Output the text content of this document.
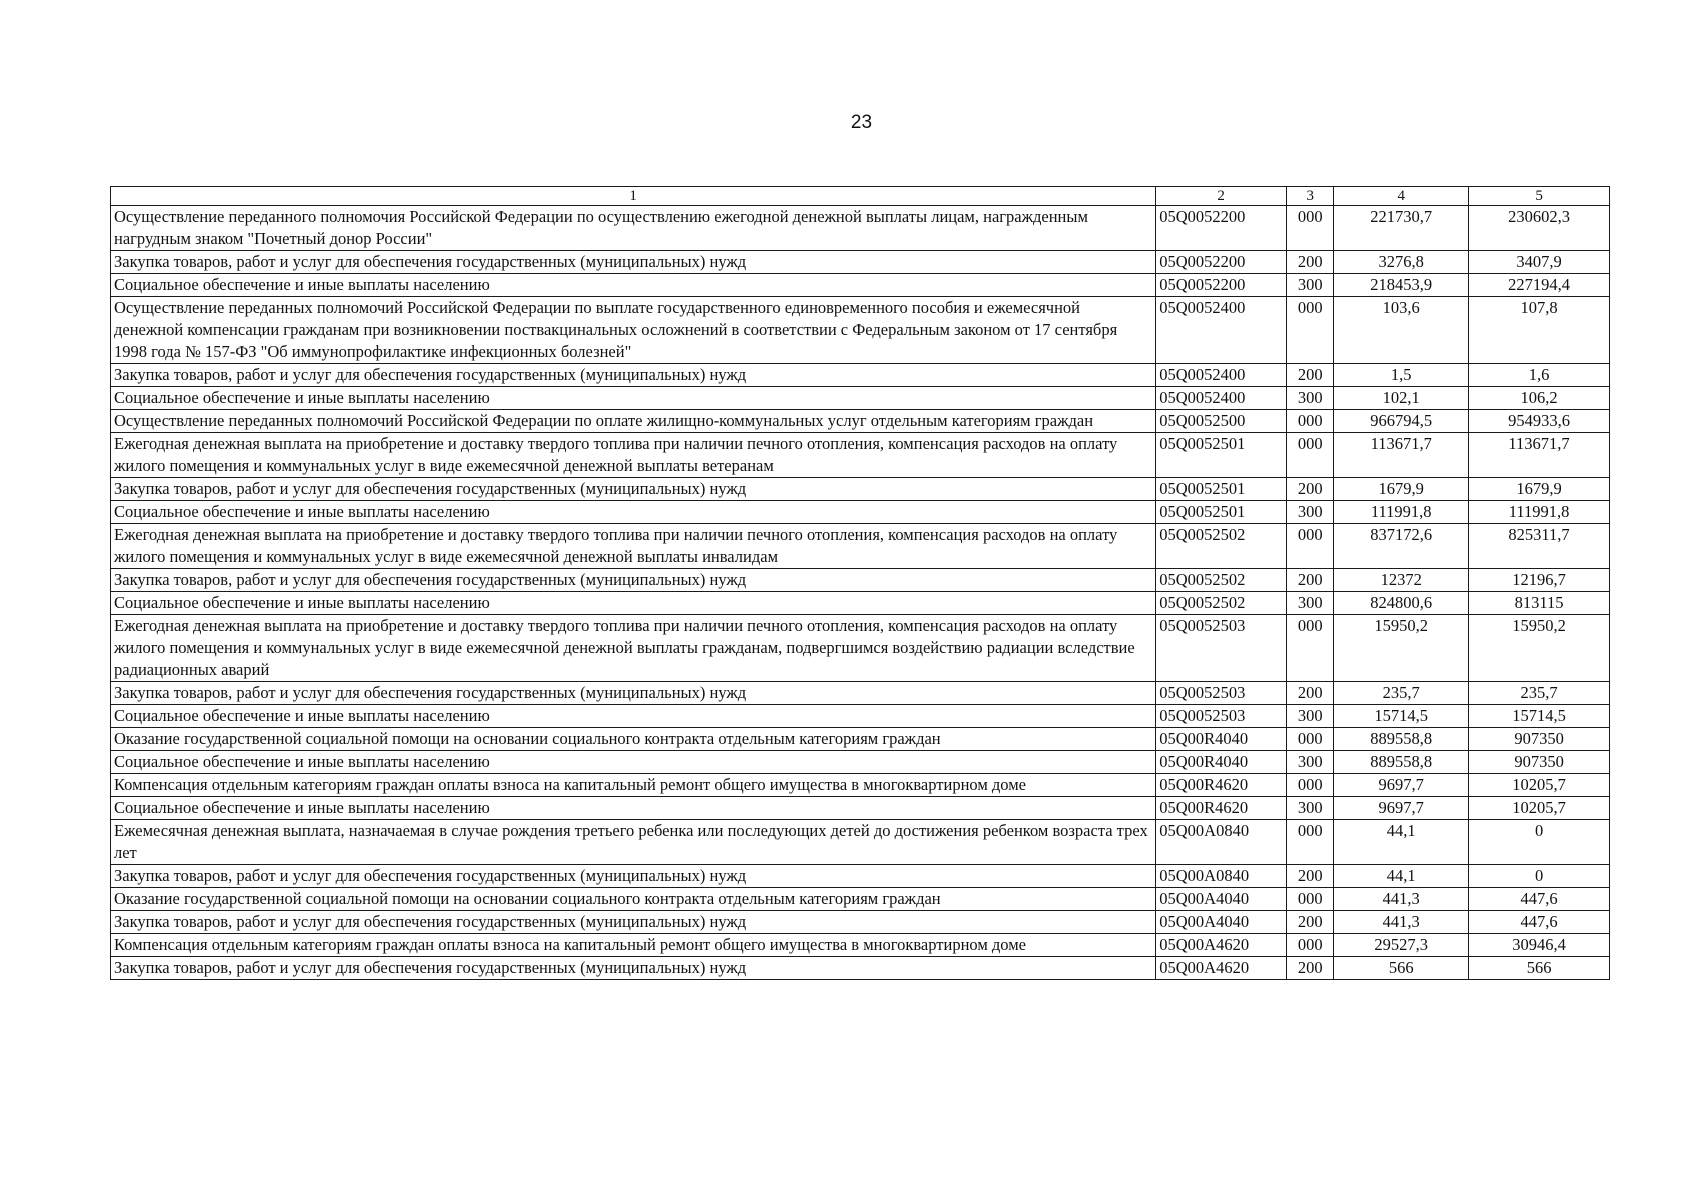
23
1	2	3	4	5
Осуществление переданного полномочия Российской Федерации по осуществлению ежегодной денежной выплаты лицам, награжденным нагрудным знаком "Почетный донор России"	05Q0052200	000	221730,7	230602,3
Закупка товаров, работ и услуг для обеспечения государственных (муниципальных) нужд	05Q0052200	200	3276,8	3407,9
Социальное обеспечение и иные выплаты населению	05Q0052200	300	218453,9	227194,4
Осуществление переданных полномочий Российской Федерации по выплате государственного единовременного пособия и ежемесячной денежной компенсации гражданам при возникновении поствакцинальных осложнений в соответствии с Федеральным законом от 17 сентября 1998 года № 157-ФЗ "Об иммунопрофилактике инфекционных болезней"	05Q0052400	000	103,6	107,8
Закупка товаров, работ и услуг для обеспечения государственных (муниципальных) нужд	05Q0052400	200	1,5	1,6
Социальное обеспечение и иные выплаты населению	05Q0052400	300	102,1	106,2
Осуществление переданных полномочий Российской Федерации по оплате жилищно-коммунальных услуг отдельным категориям граждан	05Q0052500	000	966794,5	954933,6
Ежегодная денежная выплата на приобретение и доставку твердого топлива при наличии печного отопления, компенсация расходов на оплату жилого помещения и коммунальных услуг в виде ежемесячной денежной выплаты ветеранам	05Q0052501	000	113671,7	113671,7
Закупка товаров, работ и услуг для обеспечения государственных (муниципальных) нужд	05Q0052501	200	1679,9	1679,9
Социальное обеспечение и иные выплаты населению	05Q0052501	300	111991,8	111991,8
Ежегодная денежная выплата на приобретение и доставку твердого топлива при наличии печного отопления, компенсация расходов на оплату жилого помещения и коммунальных услуг в виде ежемесячной денежной выплаты инвалидам	05Q0052502	000	837172,6	825311,7
Закупка товаров, работ и услуг для обеспечения государственных (муниципальных) нужд	05Q0052502	200	12372	12196,7
Социальное обеспечение и иные выплаты населению	05Q0052502	300	824800,6	813115
Ежегодная денежная выплата на приобретение и доставку твердого топлива при наличии печного отопления, компенсация расходов на оплату жилого помещения и коммунальных услуг в виде ежемесячной денежной выплаты гражданам, подвергшимся воздействию радиации вследствие радиационных аварий	05Q0052503	000	15950,2	15950,2
Закупка товаров, работ и услуг для обеспечения государственных (муниципальных) нужд	05Q0052503	200	235,7	235,7
Социальное обеспечение и иные выплаты населению	05Q0052503	300	15714,5	15714,5
Оказание государственной социальной помощи на основании социального контракта отдельным категориям граждан	05Q00R4040	000	889558,8	907350
Социальное обеспечение и иные выплаты населению	05Q00R4040	300	889558,8	907350
Компенсация отдельным категориям граждан оплаты взноса на капитальный ремонт общего имущества в многоквартирном доме	05Q00R4620	000	9697,7	10205,7
Социальное обеспечение и иные выплаты населению	05Q00R4620	300	9697,7	10205,7
Ежемесячная денежная выплата, назначаемая в случае рождения третьего ребенка или последующих детей до достижения ребенком возраста трех лет	05Q00A0840	000	44,1	0
Закупка товаров, работ и услуг для обеспечения государственных (муниципальных) нужд	05Q00A0840	200	44,1	0
Оказание государственной социальной помощи на основании социального контракта отдельным категориям граждан	05Q00A4040	000	441,3	447,6
Закупка товаров, работ и услуг для обеспечения государственных (муниципальных) нужд	05Q00A4040	200	441,3	447,6
Компенсация отдельным категориям граждан оплаты взноса на капитальный ремонт общего имущества в многоквартирном доме	05Q00A4620	000	29527,3	30946,4
Закупка товаров, работ и услуг для обеспечения государственных (муниципальных) нужд	05Q00A4620	200	566	566
